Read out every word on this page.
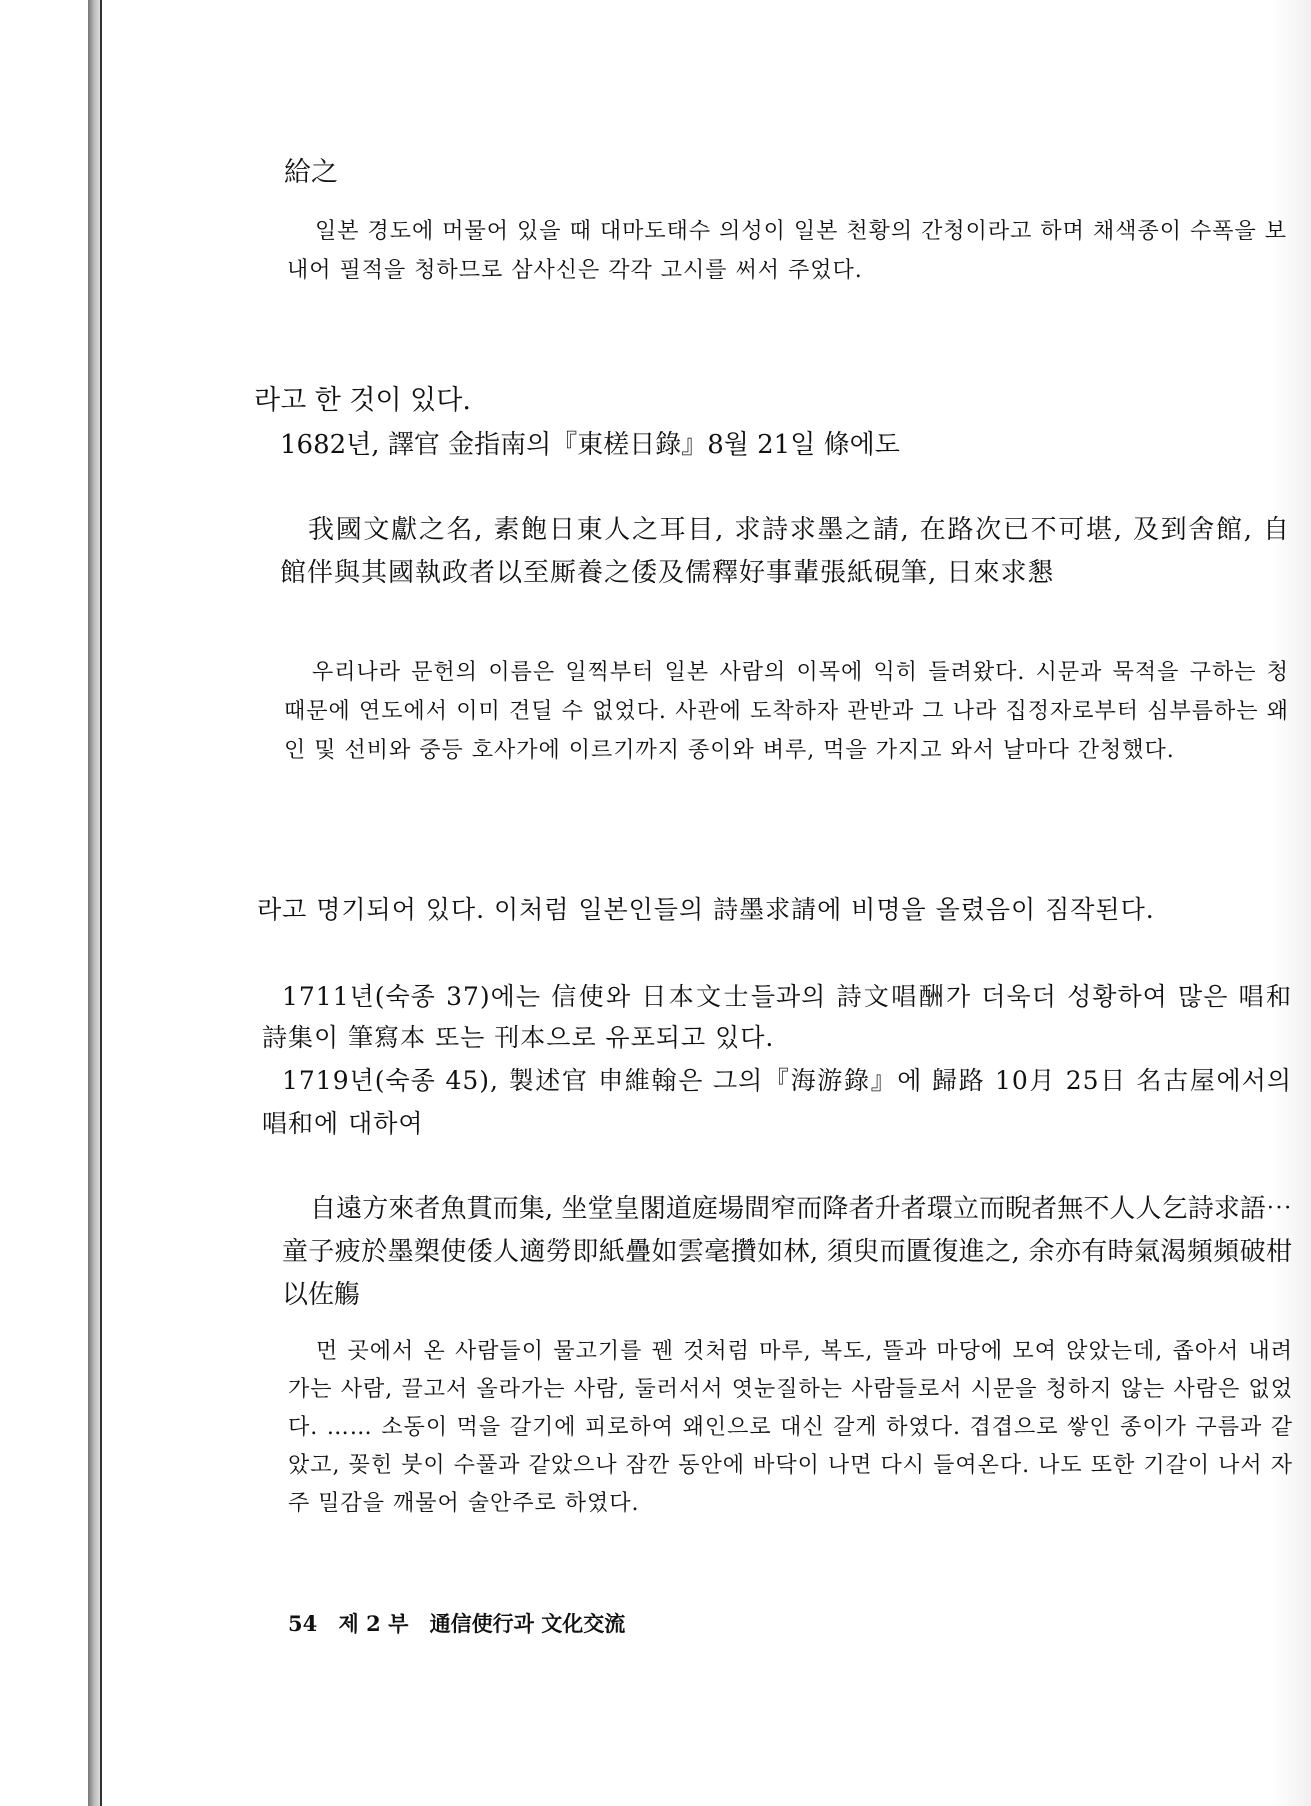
給之

일본 경도에 머물어 있을 때 대마도태수 의성이 일본 천황의 간청이라고 하며 채색종이 수폭을 보내어 필적을 청하므로 삼사신은 각각 고시를 써서 주었다.

라고 한 것이 있다.

1682년, 譯官 金指南의『東槎日錄』8월 21일 條에도

我國文獻之名, 素飽日東人之耳目, 求詩求墨之請, 在路次已不可堪, 及到舍館, 自館伴與其國執政者以至厮養之倭及儒釋好事輩張紙硯筆, 日來求懇

우리나라 문헌의 이름은 일찍부터 일본 사람의 이목에 익히 들려왔다. 시문과 묵적을 구하는 청 때문에 연도에서 이미 견딜 수 없었다. 사관에 도착하자 관반과 그 나라 집정자로부터 심부름하는 왜인 및 선비와 중등 호사가에 이르기까지 종이와 벼루, 먹을 가지고 와서 날마다 간청했다.

라고 명기되어 있다. 이처럼 일본인들의 詩墨求請에 비명을 올렸음이 짐작된다.

1711년(숙종 37)에는 信使와 日本文士들과의 詩文唱酬가 더욱더 성황하여 많은 唱和詩集이 筆寫本 또는 刊本으로 유포되고 있다.

1719년(숙종 45), 製述官 申維翰은 그의『海游錄』에 歸路 10月 25日 名古屋에서의 唱和에 대하여

自遠方來者魚貫而集, 坐堂皇閣道庭場間窄而降者升者環立而睨者無不人人乞詩求語⋯童子疲於墨槊使倭人適勞即紙疊如雲毫攢如林, 須臾而匱復進之, 余亦有時氣渴頻頻破柑以佐觴

먼 곳에서 온 사람들이 물고기를 꿴 것처럼 마루, 복도, 뜰과 마당에 모여 앉았는데, 좁아서 내려가는 사람, 끌고서 올라가는 사람, 둘러서서 엿눈질하는 사람들로서 시문을 청하지 않는 사람은 없었다. …… 소동이 먹을 갈기에 피로하여 왜인으로 대신 갈게 하였다. 겹겹으로 쌓인 종이가 구름과 같았고, 꽂힌 붓이 수풀과 같았으나 잠깐 동안에 바닥이 나면 다시 들여온다. 나도 또한 기갈이 나서 자주 밀감을 깨물어 술안주로 하였다.

54 제 2 부 通信使行과 文化交流
